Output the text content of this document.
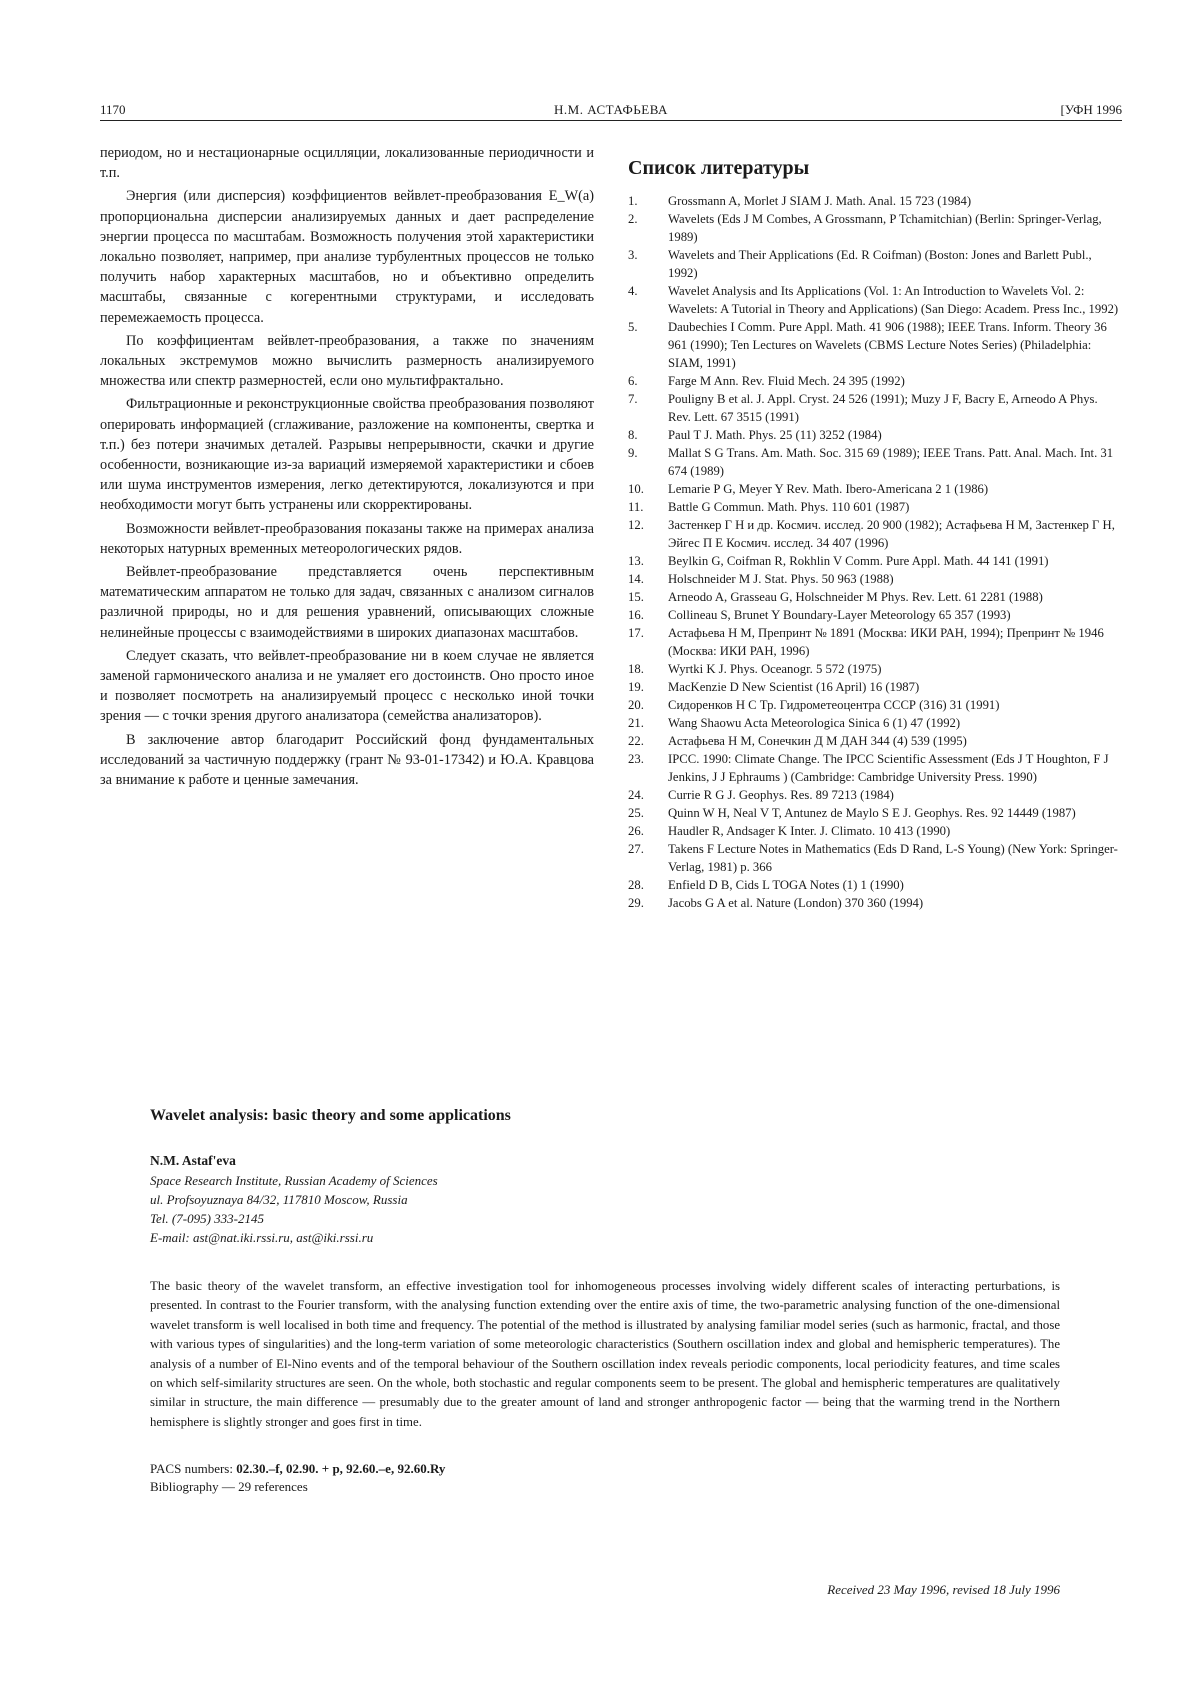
1170	Н.М. АСТАФЬЕВА	[УФН 1996

периодом, но и нестационарные осцилляции, локализованные периодичности и т.п.

Энергия (или дисперсия) коэффициентов вейвлет-преобразования E_W(a) пропорциональна дисперсии анализируемых данных и дает распределение энергии процесса по масштабам. Возможность получения этой характеристики локально позволяет, например, при анализе турбулентных процессов не только получить набор характерных масштабов, но и объективно определить масштабы, связанные с когерентными структурами, и исследовать перемежаемость процесса.

По коэффициентам вейвлет-преобразования, а также по значениям локальных экстремумов можно вычислить размерность анализируемого множества или спектр размерностей, если оно мультифрактально.

Фильтрационные и реконструкционные свойства преобразования позволяют оперировать информацией (сглаживание, разложение на компоненты, свертка и т.п.) без потери значимых деталей. Разрывы непрерывности, скачки и другие особенности, возникающие из-за вариаций измеряемой характеристики и сбоев или шума инструментов измерения, легко детектируются, локализуются и при необходимости могут быть устранены или скорректированы.

Возможности вейвлет-преобразования показаны также на примерах анализа некоторых натурных временных метеорологических рядов.

Вейвлет-преобразование представляется очень перспективным математическим аппаратом не только для задач, связанных с анализом сигналов различной природы, но и для решения уравнений, описывающих сложные нелинейные процессы с взаимодействиями в широких диапазонах масштабов.

Следует сказать, что вейвлет-преобразование ни в коем случае не является заменой гармонического анализа и не умаляет его достоинств. Оно просто иное и позволяет посмотреть на анализируемый процесс с несколько иной точки зрения — с точки зрения другого анализатора (семейства анализаторов).

В заключение автор благодарит Российский фонд фундаментальных исследований за частичную поддержку (грант № 93-01-17342) и Ю.А. Кравцова за внимание к работе и ценные замечания.

Список литературы
1.	Grossmann A, Morlet J SIAM J. Math. Anal. 15 723 (1984)
2.	Wavelets (Eds J M Combes, A Grossmann, P Tchamitchian) (Berlin: Springer-Verlag, 1989)
3.	Wavelets and Their Applications (Ed. R Coifman) (Boston: Jones and Barlett Publ., 1992)
4.	Wavelet Analysis and Its Applications (Vol. 1: An Introduction to Wavelets Vol. 2: Wavelets: A Tutorial in Theory and Applications) (San Diego: Academ. Press Inc., 1992)
5.	Daubechies I Comm. Pure Appl. Math. 41 906 (1988); IEEE Trans. Inform. Theory 36 961 (1990); Ten Lectures on Wavelets (CBMS Lecture Notes Series) (Philadelphia: SIAM, 1991)
6.	Farge M Ann. Rev. Fluid Mech. 24 395 (1992)
7.	Pouligny B et al. J. Appl. Cryst. 24 526 (1991); Muzy J F, Bacry E, Arneodo A Phys. Rev. Lett. 67 3515 (1991)
8.	Paul T J. Math. Phys. 25 (11) 3252 (1984)
9.	Mallat S G Trans. Am. Math. Soc. 315 69 (1989); IEEE Trans. Patt. Anal. Mach. Int. 31 674 (1989)
10.	Lemarie P G, Meyer Y Rev. Math. Ibero-Americana 2 1 (1986)
11.	Battle G Commun. Math. Phys. 110 601 (1987)
12.	Застенкер Г Н и др. Космич. исслед. 20 900 (1982); Астафьева Н М, Застенкер Г Н, Эйгес П Е Космич. исслед. 34 407 (1996)
13.	Beylkin G, Coifman R, Rokhlin V Comm. Pure Appl. Math. 44 141 (1991)
14.	Holschneider M J. Stat. Phys. 50 963 (1988)
15.	Arneodo A, Grasseau G, Holschneider M Phys. Rev. Lett. 61 2281 (1988)
16.	Collineau S, Brunet Y Boundary-Layer Meteorology 65 357 (1993)
17.	Астафьева Н М, Препринт № 1891 (Москва: ИКИ РАН, 1994); Препринт № 1946 (Москва: ИКИ РАН, 1996)
18.	Wyrtki K J. Phys. Oceanogr. 5 572 (1975)
19.	MacKenzie D New Scientist (16 April) 16 (1987)
20.	Сидоренков Н С Тр. Гидрометеоцентра СССР (316) 31 (1991)
21.	Wang Shaowu Acta Meteorologica Sinica 6 (1) 47 (1992)
22.	Астафьева Н М, Сонечкин Д М ДАН 344 (4) 539 (1995)
23.	IPCC. 1990: Climate Change. The IPCC Scientific Assessment (Eds J T Houghton, F J Jenkins, J J Ephraums ) (Cambridge: Cambridge University Press. 1990)
24.	Currie R G J. Geophys. Res. 89 7213 (1984)
25.	Quinn W H, Neal V T, Antunez de Maylo S E J. Geophys. Res. 92 14449 (1987)
26.	Haudler R, Andsager K Inter. J. Climato. 10 413 (1990)
27.	Takens F Lecture Notes in Mathematics (Eds D Rand, L-S Young) (New York: Springer-Verlag, 1981) p. 366
28.	Enfield D B, Cids L TOGA Notes (1) 1 (1990)
29.	Jacobs G A et al. Nature (London) 370 360 (1994)
Wavelet analysis: basic theory and some applications
N.M. Astaf'eva

Space Research Institute, Russian Academy of Sciences

ul. Profsoyuznaya 84/32, 117810 Moscow, Russia

Tel. (7-095) 333-2145

E-mail: ast@nat.iki.rssi.ru, ast@iki.rssi.ru

The basic theory of the wavelet transform, an effective investigation tool for inhomogeneous processes involving widely different scales of interacting perturbations, is presented. In contrast to the Fourier transform, with the analysing function extending over the entire axis of time, the two-parametric analysing function of the one-dimensional wavelet transform is well localised in both time and frequency. The potential of the method is illustrated by analysing familiar model series (such as harmonic, fractal, and those with various types of singularities) and the long-term variation of some meteorologic characteristics (Southern oscillation index and global and hemispheric temperatures). The analysis of a number of El-Nino events and of the temporal behaviour of the Southern oscillation index reveals periodic components, local periodicity features, and time scales on which self-similarity structures are seen. On the whole, both stochastic and regular components seem to be present. The global and hemispheric temperatures are qualitatively similar in structure, the main difference — presumably due to the greater amount of land and stronger anthropogenic factor — being that the warming trend in the Northern hemisphere is slightly stronger and goes first in time.

PACS numbers: 02.30.–f, 02.90. + p, 92.60.–e, 92.60.Ry
Bibliography — 29 references
Received 23 May 1996, revised 18 July 1996
